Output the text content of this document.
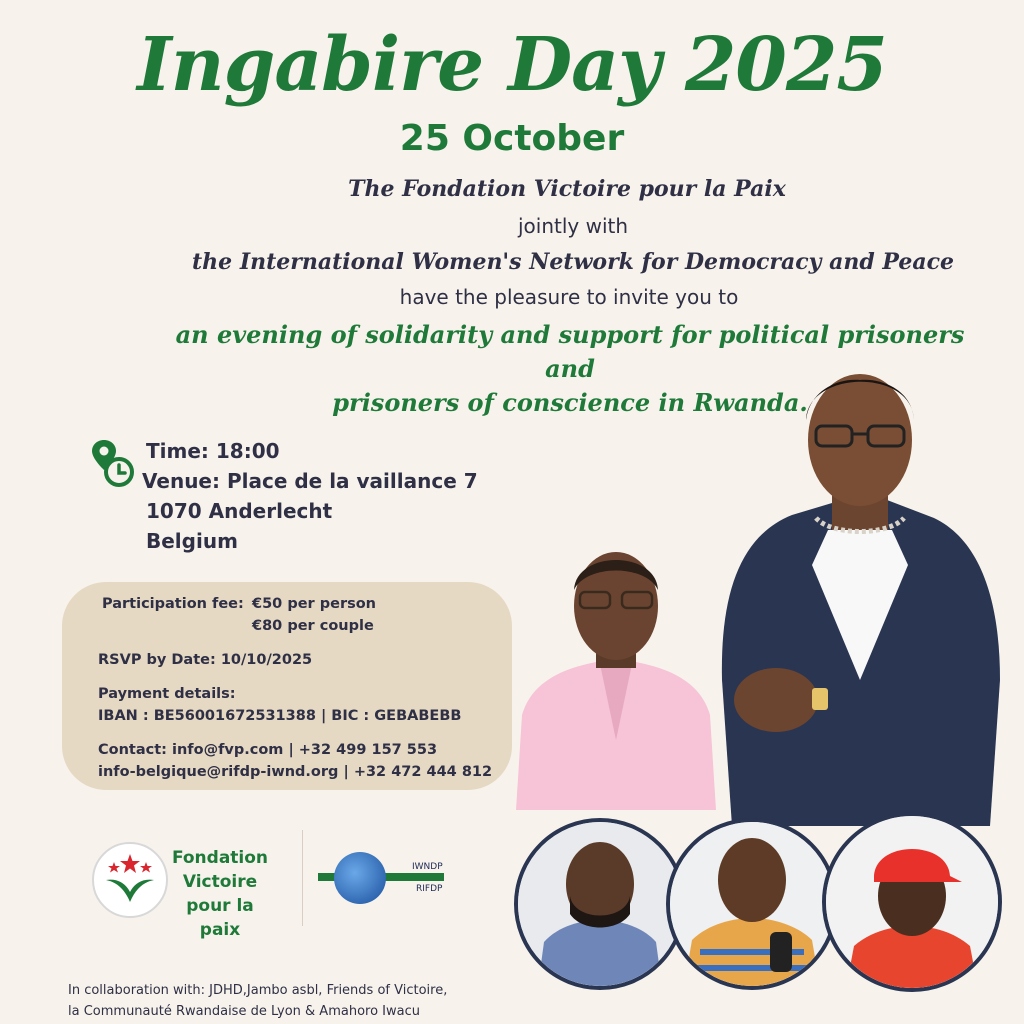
Ingabire Day 2025
25 October
The Fondation Victoire pour la Paix
jointly with
the International Women's Network for Democracy and Peace
have the pleasure to invite you to
an evening of solidarity and support for political prisoners and
prisoners of conscience in Rwanda.
Time: 18:00
Venue: Place de la vaillance 7
1070 Anderlecht
Belgium
Participation fee: €50 per person
€80 per couple
RSVP by Date: 10/10/2025
Payment details:
IBAN : BE56001672531388 | BIC : GEBABEBB
Contact: info@fvp.com | +32 499 157 553
info-belgique@rifdp-iwnd.org | +32 472 444 812
Fondation
Victoire
pour la paix
IWNDP
RIFDP
In collaboration with: JDHD,Jambo asbl, Friends of Victoire,
la Communauté Rwandaise de Lyon & Amahoro Iwacu
